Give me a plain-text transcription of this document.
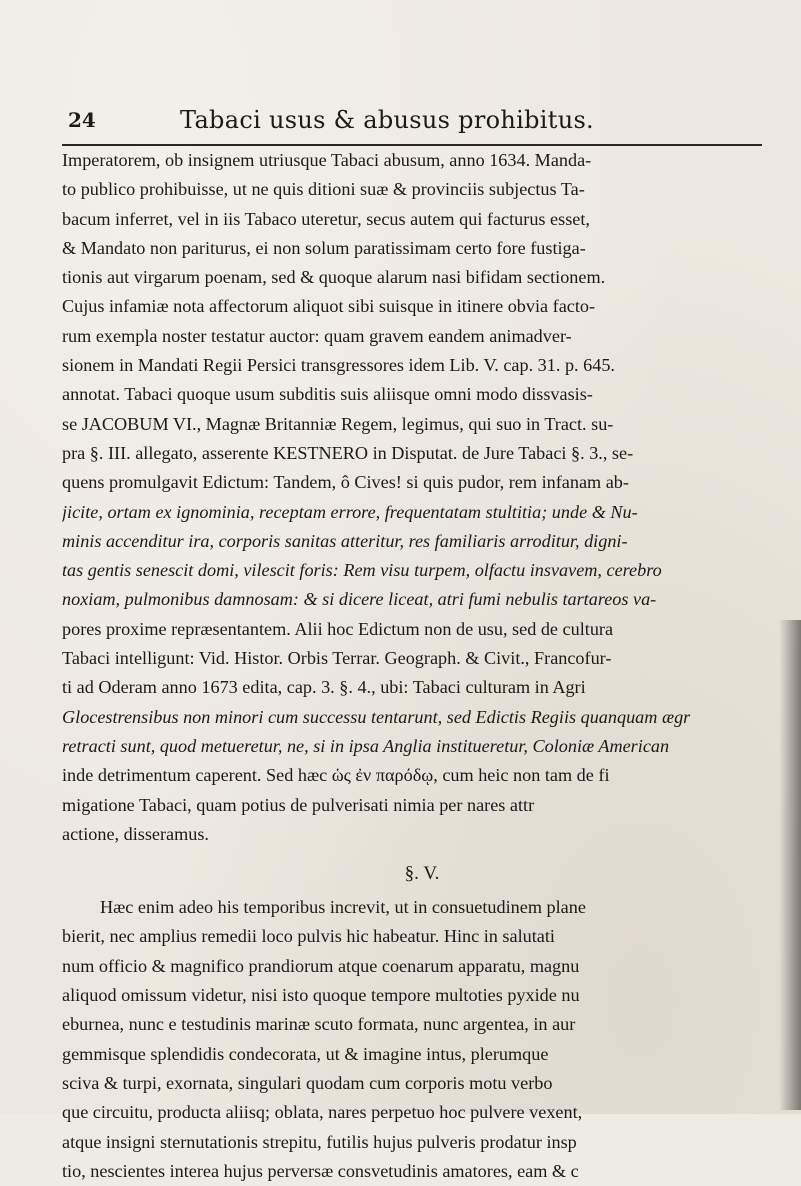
24	Tabaci usus & abusus prohibitus.
Imperatorem, ob insignem utriusque Tabaci abusum, anno 1634. Manda-
to publico prohibuisse, ut ne quis ditioni suæ & provinciis subjectus Ta-
bacum inferret, vel in iis Tabaco uteretur, secus autem qui facturus esset,
& Mandato non pariturus, ei non solum paratissimam certo fore fustiga-
tionis aut virgarum poenam, sed & quoque alarum nasi bifidam sectionem.
Cujus infamiæ nota affectorum aliquot sibi suisque in itinere obvia facto-
rum exempla noster testatur auctor: quam gravem eandem animadver-
sionem in Mandati Regii Persici transgressores idem Lib. V. cap. 31. p. 645.
annotat. Tabaci quoque usum subditis suis aliisque omni modo dissvasis-
se JACOBUM VI., Magnæ Britanniæ Regem, legimus, qui suo in Tract. su-
pra §. III. allegato, asserente KESTNERO in Disputat. de Jure Tabaci §. 3., se-
quens promulgavit Edictum: Tandem, ô Cives! si quis pudor, rem infanam ab-
jicite, ortam ex ignominia, receptam errore, frequentatam stultitia; unde & Nu-
minis accenditur ira, corporis sanitas atteritur, res familiaris arroditur, digni-
tas gentis senescit domi, vilescit foris: Rem visu turpem, olfactu insvavem, cerebro
noxiam, pulmonibus damnosam: & si dicere liceat, atri fumi nebulis tartareos va-
pores proxime repræsentantem. Alii hoc Edictum non de usu, sed de cultura
Tabaci intelligunt: Vid. Histor. Orbis Terrar. Geograph. & Civit., Francofur-
ti ad Oderam anno 1673 edita, cap. 3. §. 4., ubi: Tabaci culturam in Agri
Glocestrensibus non minori cum successu tentarunt, sed Edictis Regiis quanquam ægr
retracti sunt, quod metueretur, ne, si in ipsa Anglia institueretur, Coloniæ American
inde detrimentum caperent. Sed hæc ὡς ἐν παρόδῳ, cum heic non tam de fi
migatione Tabaci, quam potius de pulverisati nimia per nares attr
actione, disseramus.
§. V.
Hæc enim adeo his temporibus increvit, ut in consuetudinem plane
bierit, nec amplius remedii loco pulvis hic habeatur. Hinc in salutati
num officio & magnifico prandiorum atque coenarum apparatu, magnu
aliquod omissum videtur, nisi isto quoque tempore multoties pyxide nu
eburnea, nunc e testudinis marinæ scuto formata, nunc argentea, in aur
gemmisque splendidis condecorata, ut & imagine intus, plerumque
sciva & turpi, exornata, singulari quodam cum corporis motu verbo
que circuitu, producta aliisq; oblata, nares perpetuo hoc pulvere vexent,
atque insigni sternutationis strepitu, futilis hujus pulveris prodatur insp
tio, nescientes interea hujus perversæ consvetudinis amatores, eam & c
